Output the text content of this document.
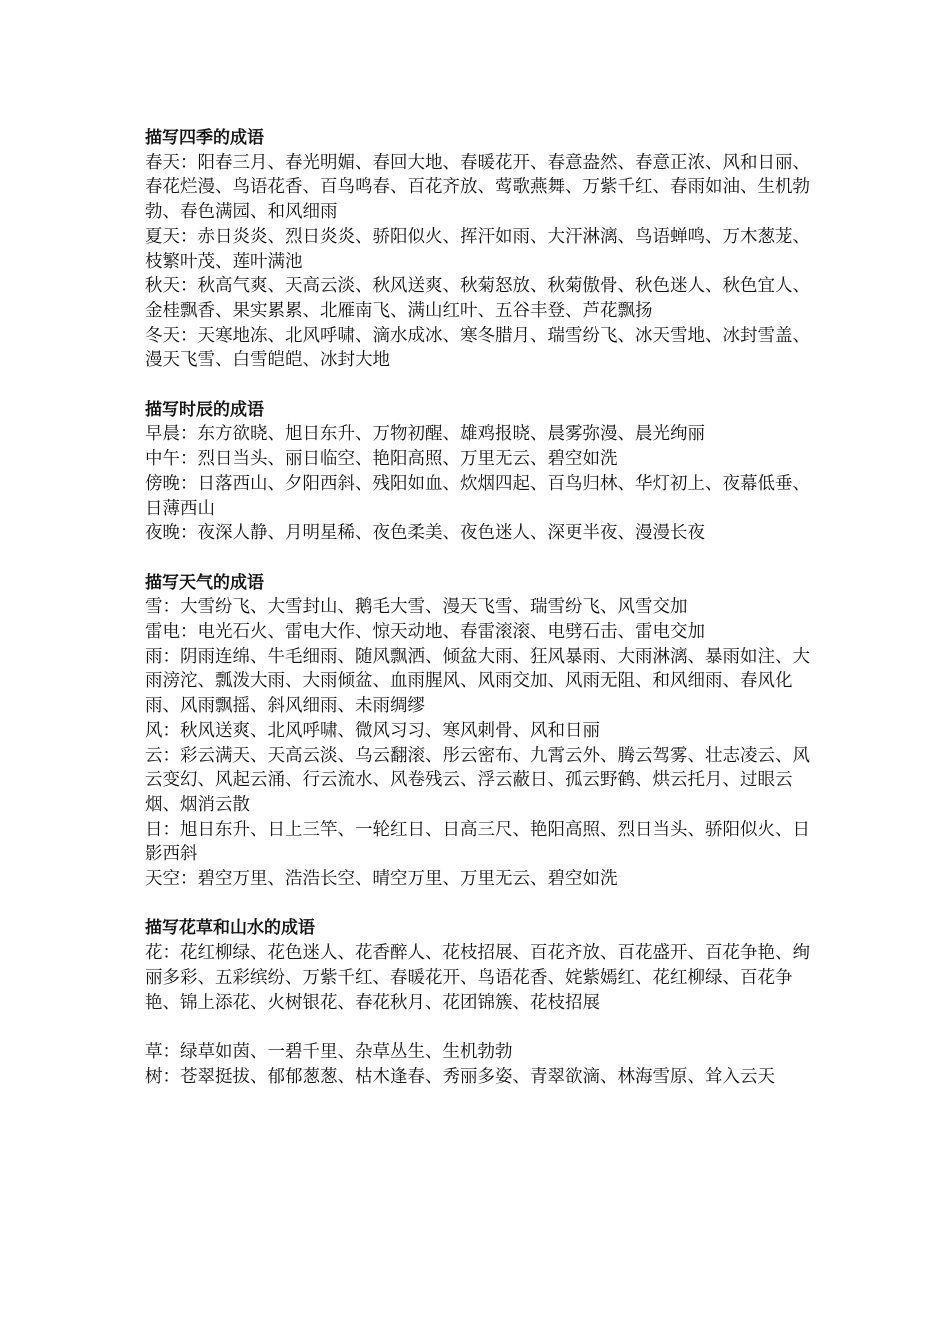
描写四季的成语
春天：阳春三月、春光明媚、春回大地、春暖花开、春意盎然、春意正浓、风和日丽、春花烂漫、鸟语花香、百鸟鸣春、百花齐放、莺歌燕舞、万紫千红、春雨如油、生机勃勃、春色满园、和风细雨
夏天：赤日炎炎、烈日炎炎、骄阳似火、挥汗如雨、大汗淋漓、鸟语蝉鸣、万木葱茏、枝繁叶茂、莲叶满池
秋天：秋高气爽、天高云淡、秋风送爽、秋菊怒放、秋菊傲骨、秋色迷人、秋色宜人、金桂飘香、果实累累、北雁南飞、满山红叶、五谷丰登、芦花飘扬
冬天：天寒地冻、北风呼啸、滴水成冰、寒冬腊月、瑞雪纷飞、冰天雪地、冰封雪盖、漫天飞雪、白雪皑皑、冰封大地
描写时辰的成语
早晨：东方欲晓、旭日东升、万物初醒、雄鸡报晓、晨雾弥漫、晨光绚丽
中午：烈日当头、丽日临空、艳阳高照、万里无云、碧空如洗
傍晚：日落西山、夕阳西斜、残阳如血、炊烟四起、百鸟归林、华灯初上、夜幕低垂、日薄西山
夜晚：夜深人静、月明星稀、夜色柔美、夜色迷人、深更半夜、漫漫长夜
描写天气的成语
雪：大雪纷飞、大雪封山、鹅毛大雪、漫天飞雪、瑞雪纷飞、风雪交加
雷电：电光石火、雷电大作、惊天动地、春雷滚滚、电劈石击、雷电交加
雨：阴雨连绵、牛毛细雨、随风飘洒、倾盆大雨、狂风暴雨、大雨淋漓、暴雨如注、大雨滂沱、瓢泼大雨、大雨倾盆、血雨腥风、风雨交加、风雨无阻、和风细雨、春风化雨、风雨飘摇、斜风细雨、未雨绸缪
风：秋风送爽、北风呼啸、微风习习、寒风刺骨、风和日丽
云：彩云满天、天高云淡、乌云翻滚、彤云密布、九霄云外、腾云驾雾、壮志凌云、风云变幻、风起云涌、行云流水、风卷残云、浮云蔽日、孤云野鹤、烘云托月、过眼云烟、烟消云散
日：旭日东升、日上三竿、一轮红日、日高三尺、艳阳高照、烈日当头、骄阳似火、日影西斜
天空：碧空万里、浩浩长空、晴空万里、万里无云、碧空如洗
描写花草和山水的成语
花：花红柳绿、花色迷人、花香醉人、花枝招展、百花齐放、百花盛开、百花争艳、绚丽多彩、五彩缤纷、万紫千红、春暖花开、鸟语花香、姹紫嫣红、花红柳绿、百花争艳、锦上添花、火树银花、春花秋月、花团锦簇、花枝招展
草：绿草如茵、一碧千里、杂草丛生、生机勃勃
树：苍翠挺拔、郁郁葱葱、枯木逢春、秀丽多姿、青翠欲滴、林海雪原、耸入云天
